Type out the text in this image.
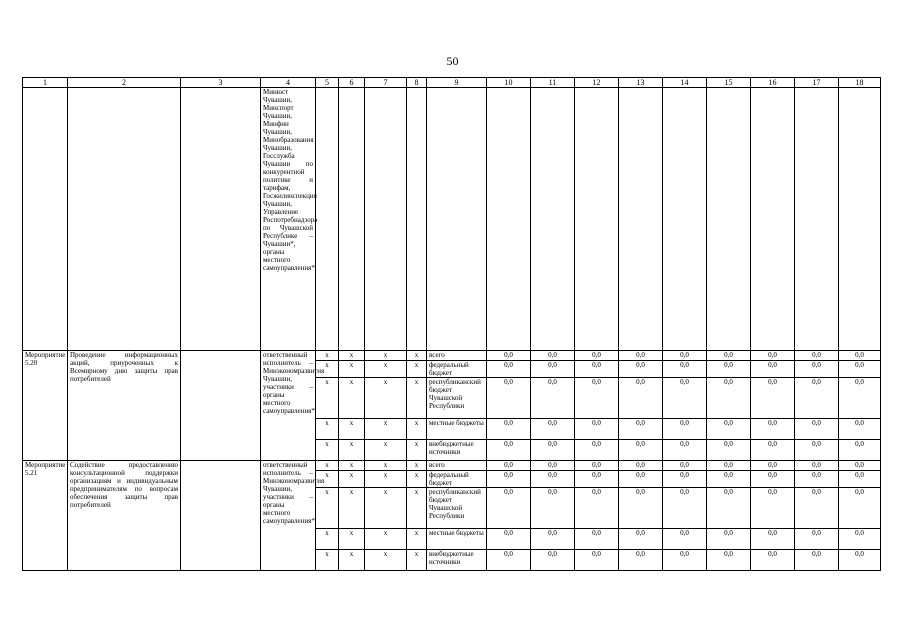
50
1	2	3	4	5	6	7	8	9	10	11	12	13	14	15	16	17	18
			Минюст Чувашии, Минспорт Чувашии, Минфин Чувашии, Минобразования Чувашии, Госслужба Чувашии по конкурентной политике и тарифам, Госжилинспекция Чувашии, Управление Роспотребнадзора по Чувашской Республике – Чувашии*, органы местного самоуправления*														
Мероприятие 5.20	Проведение информационных акций, приуроченных к Всемирному дню защиты прав потребителей		ответственный исполнитель – Минэкономразвития Чувашии, участники – органы местного самоуправления*	х	х	х	х	всего	0,0	0,0	0,0	0,0	0,0	0,0	0,0	0,0	0,0
				х	х	х	х	федеральный бюджет	0,0	0,0	0,0	0,0	0,0	0,0	0,0	0,0	0,0
				х	х	х	х	республиканский бюджет Чувашской Республики	0,0	0,0	0,0	0,0	0,0	0,0	0,0	0,0	0,0
				х	х	х	х	местные бюджеты	0,0	0,0	0,0	0,0	0,0	0,0	0,0	0,0	0,0
				х	х	х	х	внебюджетные источники	0,0	0,0	0,0	0,0	0,0	0,0	0,0	0,0	0,0
Мероприятие 5.21	Содействие предоставлению консультационной поддержки организациям и индивидуальным предпринимателям по вопросам обеспечения защиты прав потребителей		ответственный исполнитель – Минэкономразвития Чувашии, участники – органы местного самоуправления*	х	х	х	х	всего	0,0	0,0	0,0	0,0	0,0	0,0	0,0	0,0	0,0
				х	х	х	х	федеральный бюджет	0,0	0,0	0,0	0,0	0,0	0,0	0,0	0,0	0,0
				х	х	х	х	республиканский бюджет Чувашской Республики	0,0	0,0	0,0	0,0	0,0	0,0	0,0	0,0	0,0
				х	х	х	х	местные бюджеты	0,0	0,0	0,0	0,0	0,0	0,0	0,0	0,0	0,0
				х	х	х	х	внебюджетные источники	0,0	0,0	0,0	0,0	0,0	0,0	0,0	0,0	0,0
